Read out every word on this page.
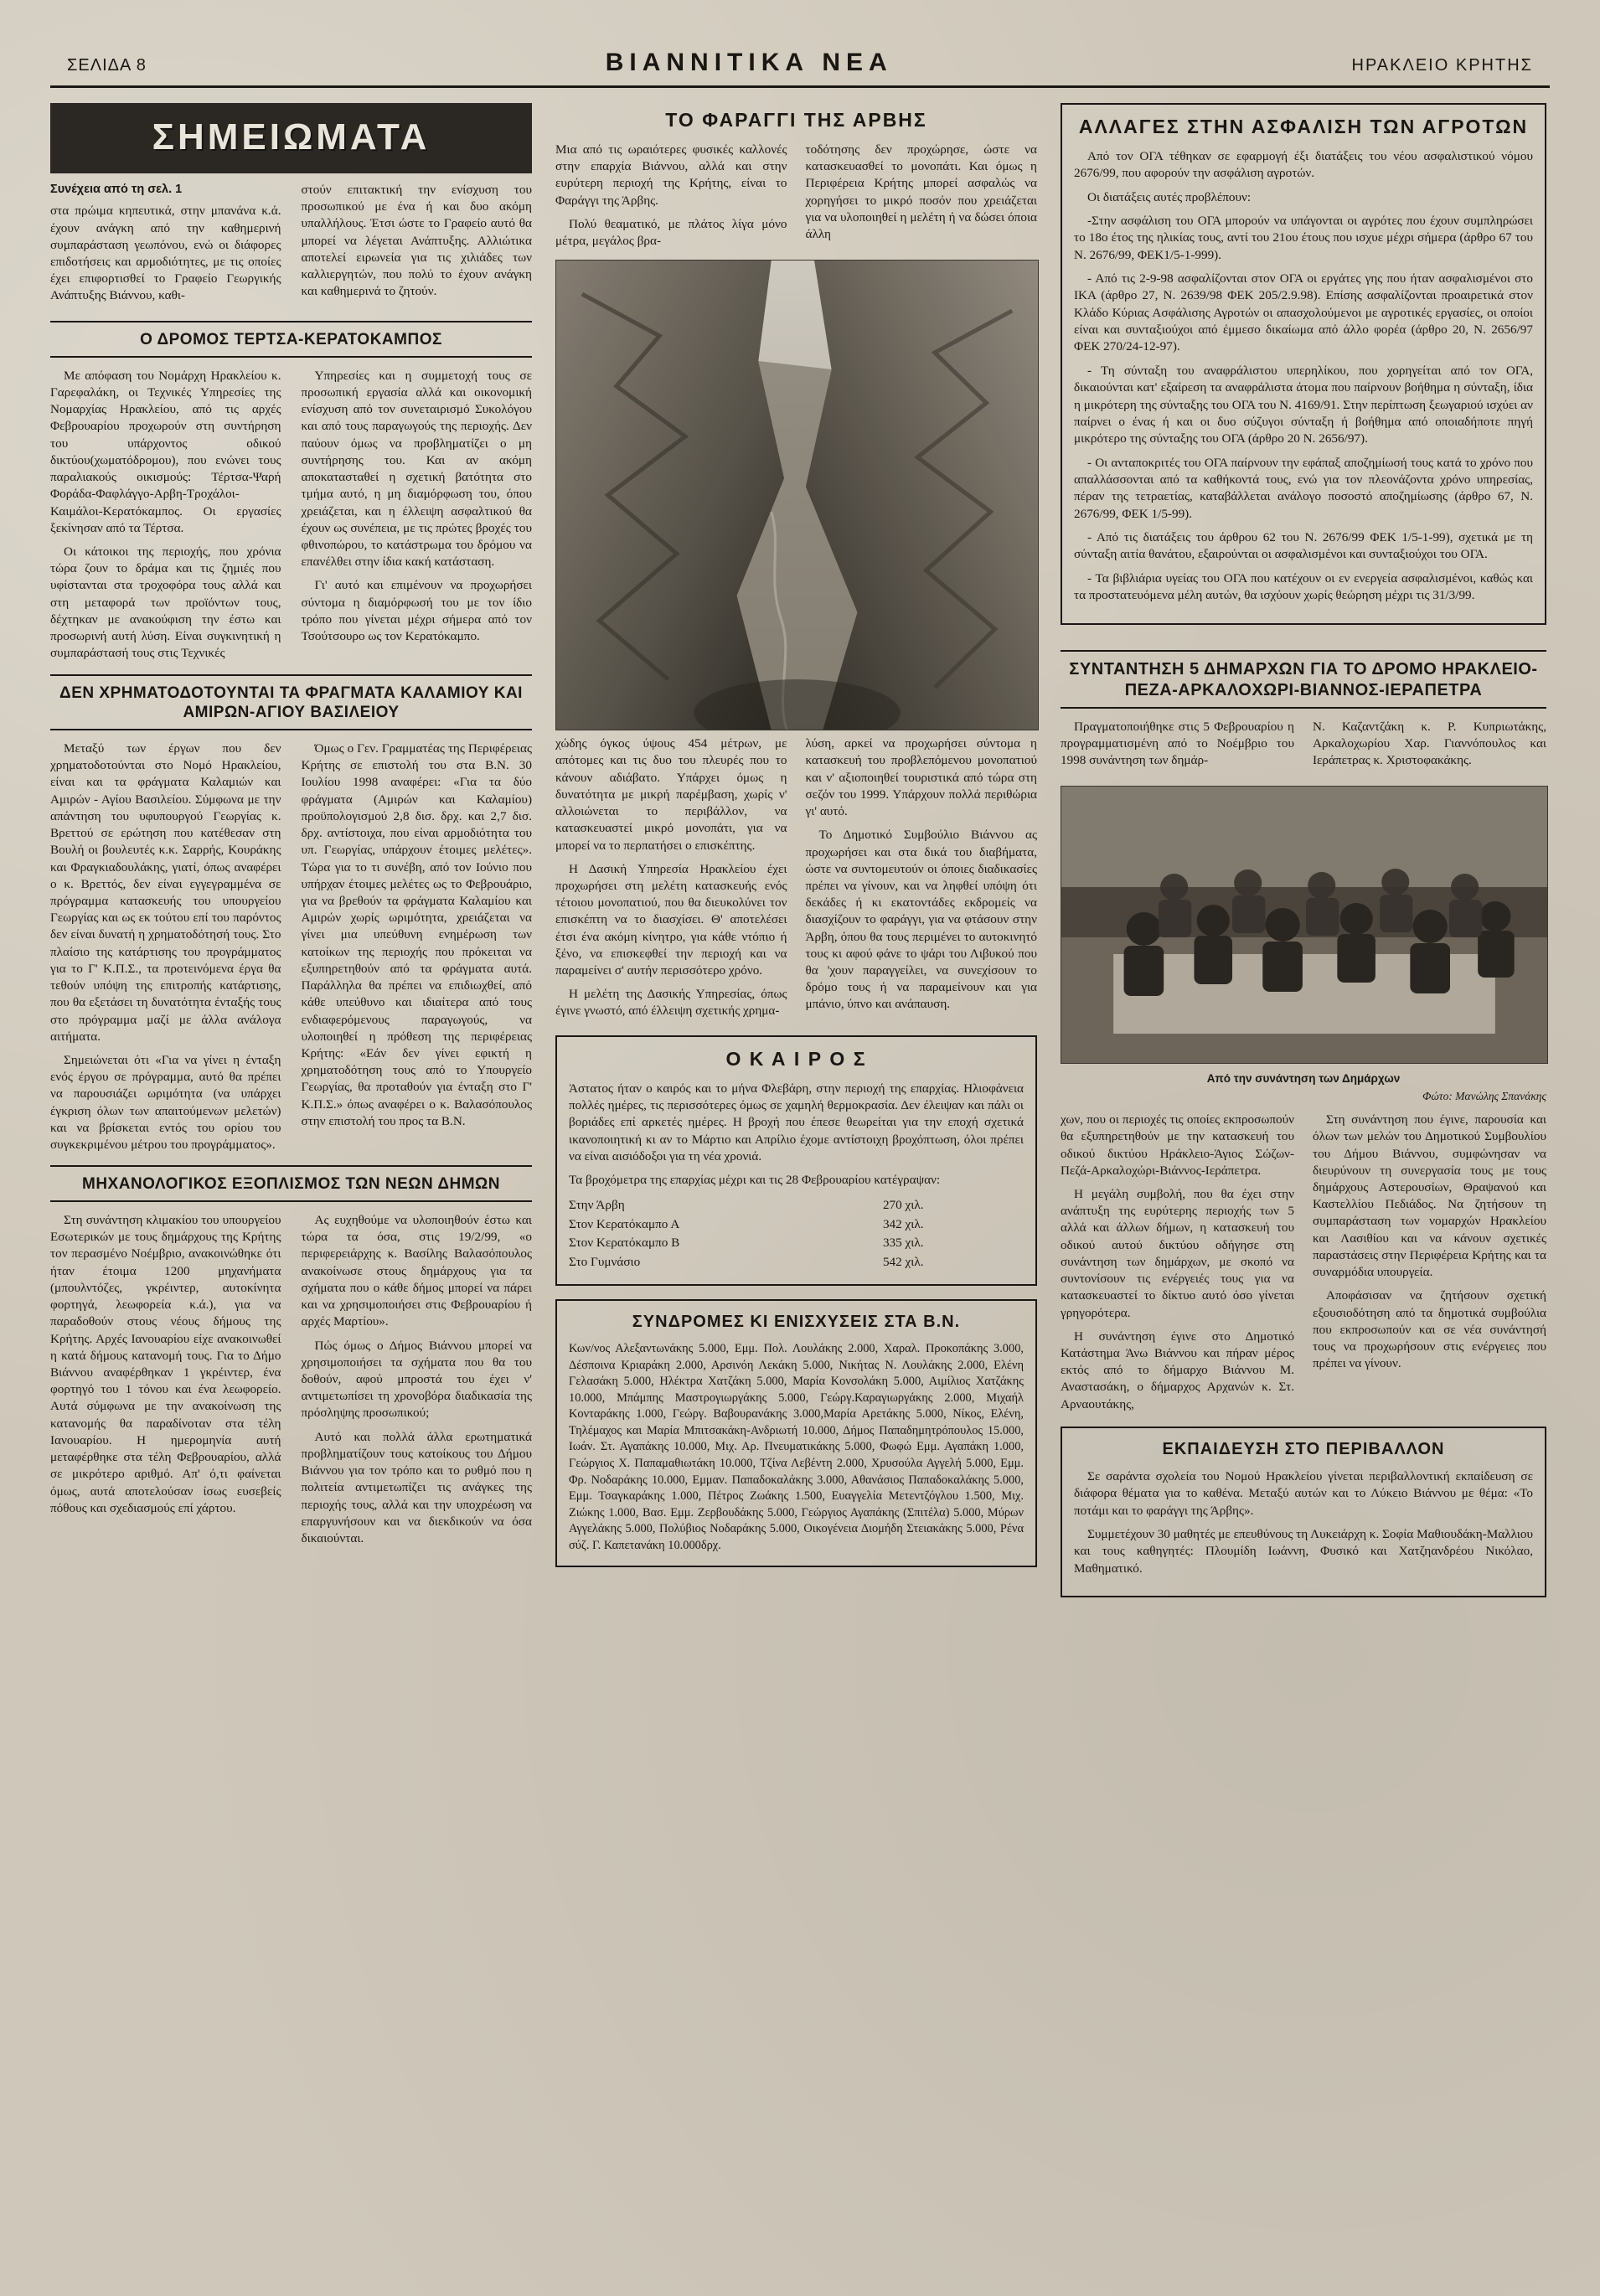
ΣΕΛΙΔΑ 8	ΒΙΑΝΝΙΤΙΚΑ ΝΕΑ	ΗΡΑΚΛΕΙΟ ΚΡΗΤΗΣ
ΣΗΜΕΙΩΜΑΤΑ
Συνέχεια από τη σελ. 1

στα πρώιμα κηπευτικά, στην μπανάνα κ.ά. έχουν ανάγκη από την καθημερινή συμπαράσταση γεωπόνου, ενώ οι διάφορες επιδοτήσεις και αρμοδιότητες, με τις οποίες έχει επιφορτισθεί το Γραφείο Γεωργικής Ανάπτυξης Βιάννου, καθι-

στούν επιτακτική την ενίσχυση του προσωπικού με ένα ή και δυο ακόμη υπαλλήλους. Έτσι ώστε το Γραφείο αυτό θα μπορεί να λέγεται Ανάπτυξης. Αλλιώτικα αποτελεί ειρωνεία για τις χιλιάδες των καλλιεργητών, που πολύ το έχουν ανάγκη και καθημερινά το ζητούν.

Ο ΔΡΟΜΟΣ ΤΕΡΤΣΑ-ΚΕΡΑΤΟΚΑΜΠΟΣ

Με απόφαση του Νομάρχη Ηρακλείου κ. Γαρεφαλάκη, οι Τεχνικές Υπηρεσίες της Νομαρχίας Ηρακλείου, από τις αρχές Φεβρουαρίου προχωρούν στη συντήρηση του υπάρχοντος οδικού δικτύου(χωματόδρομου), που ενώνει τους παραλιακούς οικισμούς: Τέρτσα-Ψαρή Φοράδα-Φαφλάγγο-Αρβη-Τροχάλοι-Καιμάλοι-Κερατόκαμπος. Οι εργασίες ξεκίνησαν από τα Τέρτσα.

Οι κάτοικοι της περιοχής, που χρόνια τώρα ζουν το δράμα και τις ζημιές που υφίστανται στα τροχοφόρα τους αλλά και στη μεταφορά των προϊόντων τους, δέχτηκαν με ανακούφιση την έστω και προσωρινή αυτή λύση. Είναι συγκινητική η συμπαράστασή τους στις Τεχνικές

Υπηρεσίες και η συμμετοχή τους σε προσωπική εργασία αλλά και οικονομική ενίσχυση από τον συνεταιρισμό Συκολόγου και από τους παραγωγούς της περιοχής. Δεν παύουν όμως να προβληματίζει ο μη συντήρησης του. Και αν ακόμη αποκατασταθεί η σχετική βατότητα στο τμήμα αυτό, η μη διαμόρφωση του, όπου χρειάζεται, και η έλλειψη ασφαλτικού θα έχουν ως συνέπεια, με τις πρώτες βροχές του φθινοπώρου, το κατάστρωμα του δρόμου να επανέλθει στην ίδια κακή κατάσταση.

Γι' αυτό και επιμένουν να προχωρήσει σύντομα η διαμόρφωσή του με τον ίδιο τρόπο που γίνεται μέχρι σήμερα από τον Τσούτσουρο ως τον Κερατόκαμπο.

ΔΕΝ ΧΡΗΜΑΤΟΔΟΤΟΥΝΤΑΙ ΤΑ ΦΡΑΓΜΑΤΑ ΚΑΛΑΜΙΟΥ ΚΑΙ ΑΜΙΡΩΝ-ΑΓΙΟΥ ΒΑΣΙΛΕΙΟΥ

Μεταξύ των έργων που δεν χρηματοδοτούνται στο Νομό Ηρακλείου, είναι και τα φράγματα Καλαμιών και Αμιρών - Αγίου Βασιλείου. Σύμφωνα με την απάντηση του υφυπουργού Γεωργίας κ. Βρεττού σε ερώτηση που κατέθεσαν στη Βουλή οι βουλευτές κ.κ. Σαρρής, Κουράκης και Φραγκιαδουλάκης, γιατί, όπως αναφέρει ο κ. Βρεττός, δεν είναι εγγεγραμμένα σε πρόγραμμα κατασκευής του υπουργείου Γεωργίας και ως εκ τούτου επί του παρόντος δεν είναι δυνατή η χρηματοδότησή τους. Στο πλαίσιο της κατάρτισης του προγράμματος για το Γ' Κ.Π.Σ., τα προτεινόμενα έργα θα τεθούν υπόψη της επιτροπής κατάρτισης, που θα εξετάσει τη δυνατότητα ένταξής τους στο πρόγραμμα μαζί με άλλα ανάλογα αιτήματα.

Σημειώνεται ότι «Για να γίνει η ένταξη ενός έργου σε πρόγραμμα, αυτό θα πρέπει να παρουσιάζει ωριμότητα (να υπάρχει έγκριση όλων των απαιτούμενων μελετών) και να βρίσκεται εντός του ορίου του συγκεκριμένου μέτρου του προγράμματος».

Όμως ο Γεν. Γραμματέας της Περιφέρειας Κρήτης σε επιστολή του στα Β.Ν. 30 Ιουλίου 1998 αναφέρει: «Για τα δύο φράγματα (Αμιρών και Καλαμίου) προϋπολογισμού 2,8 δισ. δρχ. και 2,7 δισ. δρχ. αντίστοιχα, που είναι αρμοδιότητα του υπ. Γεωργίας, υπάρχουν έτοιμες μελέτες». Τώρα για το τι συνέβη, από τον Ιούνιο που υπήρχαν έτοιμες μελέτες ως το Φεβρουάριο, για να βρεθούν τα φράγματα Καλαμίου και Αμιρών χωρίς ωριμότητα, χρειάζεται να γίνει μια υπεύθυνη ενημέρωση των κατοίκων της περιοχής που πρόκειται να εξυπηρετηθούν από τα φράγματα αυτά. Παράλληλα θα πρέπει να επιδιωχθεί, από κάθε υπεύθυνο και ιδιαίτερα από τους ενδιαφερόμενους παραγωγούς, να υλοποιηθεί η πρόθεση της περιφέρειας Κρήτης: «Εάν δεν γίνει εφικτή η χρηματοδότηση τους από το Υπουργείο Γεωργίας, θα προταθούν για ένταξη στο Γ' Κ.Π.Σ.» όπως αναφέρει ο κ. Βαλασόπουλος στην επιστολή του προς τα Β.Ν.

ΜΗΧΑΝΟΛΟΓΙΚΟΣ ΕΞΟΠΛΙΣΜΟΣ ΤΩΝ ΝΕΩΝ ΔΗΜΩΝ

Στη συνάντηση κλιμακίου του υπουργείου Εσωτερικών με τους δημάρχους της Κρήτης τον περασμένο Νοέμβριο, ανακοινώθηκε ότι ήταν έτοιμα 1200 μηχανήματα (μπουλντόζες, γκρέιντερ, αυτοκίνητα φορτηγά, λεωφορεία κ.ά.), για να παραδοθούν στους νέους δήμους της Κρήτης. Αρχές Ιανουαρίου είχε ανακοινωθεί η κατά δήμους κατανομή τους. Για το Δήμο Βιάννου αναφέρθηκαν 1 γκρέιντερ, ένα φορτηγό του 1 τόνου και ένα λεωφορείο. Αυτά σύμφωνα με την ανακοίνωση της κατανομής θα παραδίνοταν στα τέλη Ιανουαρίου. Η ημερομηνία αυτή μεταφέρθηκε στα τέλη Φεβρουαρίου, αλλά σε μικρότερο αριθμό. Απ' ό,τι φαίνεται όμως, αυτά αποτελούσαν ίσως ευσεβείς πόθους και σχεδιασμούς επί χάρτου.

Ας ευχηθούμε να υλοποιηθούν έστω και τώρα τα όσα, στις 19/2/99, «ο περιφερειάρχης κ. Βασίλης Βαλασόπουλος ανακοίνωσε στους δημάρχους για τα σχήματα που ο κάθε δήμος μπορεί να πάρει και να χρησιμοποιήσει στις Φεβρουαρίου ή αρχές Μαρτίου».

Πώς όμως ο Δήμος Βιάννου μπορεί να χρησιμοποιήσει τα σχήματα που θα του δοθούν, αφού μπροστά του έχει ν' αντιμετωπίσει τη χρονοβόρα διαδικασία της πρόσληψης προσωπικού;

Αυτό και πολλά άλλα ερωτηματικά προβληματίζουν τους κατοίκους του Δήμου Βιάννου για τον τρόπο και το ρυθμό που η πολιτεία αντιμετωπίζει τις ανάγκες της περιοχής τους, αλλά και την υποχρέωση να επαργυνήσουν και να διεκδικούν να όσα δικαιούνται.

ΤΟ ΦΑΡΑΓΓΙ ΤΗΣ ΑΡΒΗΣ

Μια από τις ωραιότερες φυσικές καλλονές στην επαρχία Βιάννου, αλλά και στην ευρύτερη περιοχή της Κρήτης, είναι το Φαράγγι της Άρβης.

Πολύ θεαματικό, με πλάτος λίγα μόνο μέτρα, μεγάλος βρα-

τοδότησης δεν προχώρησε, ώστε να κατασκευασθεί το μονοπάτι. Και όμως η Περιφέρεια Κρήτης μπορεί ασφαλώς να χορηγήσει το μικρό ποσόν που χρειάζεται για να υλοποιηθεί η μελέτη ή να δώσει όποια άλλη

χώδης όγκος ύψους 454 μέτρων, με απότομες και τις δυο του πλευρές που το κάνουν αδιάβατο. Υπάρχει όμως η δυνατότητα με μικρή παρέμβαση, χωρίς ν' αλλοιώνεται το περιβάλλον, να κατασκευαστεί μικρό μονοπάτι, για να μπορεί να το περπατήσει ο επισκέπτης.

Η Δασική Υπηρεσία Ηρακλείου έχει προχωρήσει στη μελέτη κατασκευής ενός τέτοιου μονοπατιού, που θα διευκολύνει τον επισκέπτη να το διασχίσει. Θ' αποτελέσει έτσι ένα ακόμη κίνητρο, για κάθε ντόπιο ή ξένο, να επισκεφθεί την περιοχή και να παραμείνει σ' αυτήν περισσότερο χρόνο.

Η μελέτη της Δασικής Υπηρεσίας, όπως έγινε γνωστό, από έλλειψη σχετικής χρημα-

λύση, αρκεί να προχωρήσει σύντομα η κατασκευή του προβλεπόμενου μονοπατιού και ν' αξιοποιηθεί τουριστικά από τώρα στη σεζόν του 1999. Υπάρχουν πολλά περιθώρια γι' αυτό.

Το Δημοτικό Συμβούλιο Βιάννου ας προχωρήσει και στα δικά του διαβήματα, ώστε να συντομευτούν οι όποιες διαδικασίες πρέπει να γίνουν, και να ληφθεί υπόψη ότι δεκάδες ή κι εκατοντάδες εκδρομείς να διασχίζουν το φαράγγι, για να φτάσουν στην Άρβη, όπου θα τους περιμένει το αυτοκινητό τους κι αφού φάνε το ψάρι του Λιβυκού που θα 'χουν παραγγείλει, να συνεχίσουν το δρόμο τους ή να παραμείνουν και για μπάνιο, ύπνο και ανάπαυση.

Ο Κ Α Ι Ρ Ο Σ

Άστατος ήταν ο καιρός και το μήνα Φλεβάρη, στην περιοχή της επαρχίας. Ηλιοφάνεια πολλές ημέρες, τις περισσότερες όμως σε χαμηλή θερμοκρασία. Δεν έλειψαν και πάλι οι βοριάδες επί αρκετές ημέρες. Η βροχή που έπεσε θεωρείται για την εποχή σχετικά ικανοποιητική κι αν το Μάρτιο και Απρίλιο έχομε αντίστοιχη βροχόπτωση, όλοι πρέπει να είναι αισιόδοξοι για τη νέα χρονιά.

Τα βροχόμετρα της επαρχίας μέχρι και τις 28 Φεβρουαρίου κατέγραψαν:

Στην Άρβη	270 χιλ.
Στον Κερατόκαμπο Α	342 χιλ.
Στον Κερατόκαμπο Β	335 χιλ.
Στο Γυμνάσιο	542 χιλ.
ΣΥΝΔΡΟΜΕΣ ΚΙ ΕΝΙΣΧΥΣΕΙΣ ΣΤΑ Β.Ν.
Κων/νος Αλεξαντωνάκης 5.000, Εμμ. Πολ. Λουλάκης 2.000, Χαραλ. Προκοπάκης 3.000, Δέσποινα Κριαράκη 2.000, Αρσινόη Λεκάκη 5.000, Νικήτας Ν. Λουλάκης 2.000, Ελένη Γελασάκη 5.000, Ηλέκτρα Χατζάκη 5.000, Μαρία Κονσολάκη 5.000, Αιμίλιος Χατζάκης 10.000, Μπάμπης Μαστρογιωργάκης 5.000, Γεώργ.Καραγιωργάκης 2.000, Μιχαήλ Κονταράκης 1.000, Γεώργ. Βαβουρανάκης 3.000,Μαρία Αρετάκης 5.000, Νίκος, Ελένη, Τηλέμαχος και Μαρία Μπιτσακάκη-Ανδριωτή 10.000, Δήμος Παπαδημητρόπουλος 15.000, Ιωάν. Στ. Αγαπάκης 10.000, Μιχ. Αρ. Πνευματικάκης 5.000, Φωφώ Εμμ. Αγαπάκη 1.000, Γεώργιος Χ. Παπαμαθιωτάκη 10.000, Τζίνα Λεβέντη 2.000, Χρυσούλα Αγγελή 5.000, Εμμ. Φρ. Νοδαράκης 10.000, Εμμαν. Παπαδοκαλάκης 3.000, Αθανάσιος Παπαδοκαλάκης 5.000, Εμμ. Τσαγκαράκης 1.000, Πέτρος Ζωάκης 1.500, Ευαγγελία Μετεντζόγλου 1.500, Μιχ. Ζιώκης 1.000, Βασ. Εμμ. Ζερβουδάκης 5.000, Γεώργιος Αγαπάκης (Σπιτέλα) 5.000, Μύρων Αγγελάκης 5.000, Πολύβιος Νοδαράκης 5.000, Οικογένεια Διομήδη Στειακάκης 5.000, Ρένα σύζ. Γ. Καπετανάκη 10.000δρχ.
ΑΛΛΑΓΕΣ ΣΤΗΝ ΑΣΦΑΛΙΣΗ ΤΩΝ ΑΓΡΟΤΩΝ

Από τον ΟΓΑ τέθηκαν σε εφαρμογή έξι διατάξεις του νέου ασφαλιστικού νόμου 2676/99, που αφορούν την ασφάλιση αγροτών.

Οι διατάξεις αυτές προβλέπουν:

-Στην ασφάλιση του ΟΓΑ μπορούν να υπάγονται οι αγρότες που έχουν συμπληρώσει το 18ο έτος της ηλικίας τους, αντί του 21ου έτους που ισχυε μέχρι σήμερα (άρθρο 67 του Ν. 2676/99, ΦΕΚ1/5-1-999).

- Από τις 2-9-98 ασφαλίζονται στον ΟΓΑ οι εργάτες γης που ήταν ασφαλισμένοι στο ΙΚΑ (άρθρο 27, Ν. 2639/98 ΦΕΚ 205/2.9.98). Επίσης ασφαλίζονται προαιρετικά στον Κλάδο Κύριας Ασφάλισης Αγροτών οι απασχολούμενοι με αγροτικές εργασίες, οι οποίοι είναι και συνταξιούχοι από έμμεσο δικαίωμα από άλλο φορέα (άρθρο 20, Ν. 2656/97 ΦΕΚ 270/24-12-97).

- Τη σύνταξη του αναφράλιστου υπερηλίκου, που χορηγείται από τον ΟΓΑ, δικαιούνται κατ' εξαίρεση τα αναφράλιστα άτομα που παίρνουν βοήθημα η σύνταξη, ίδια η μικρότερη της σύνταξης του ΟΓΑ του Ν. 4169/91. Στην περίπτωση ξεωγαριού ισχύει αν παίρνει ο ένας ή και οι δυο σύζυγοι σύνταξη ή βοήθημα από οποιαδήποτε πηγή μικρότερο της σύνταξης του ΟΓΑ (άρθρο 20 Ν. 2656/97).

- Οι ανταποκριτές του ΟΓΑ παίρνουν την εφάπαξ αποζημίωσή τους κατά το χρόνο που απαλλάσσονται από τα καθήκοντά τους, ενώ για τον πλεονάζοντα χρόνο υπηρεσίας, πέραν της τετραετίας, καταβάλλεται ανάλογο ποσοστό αποζημίωσης (άρθρο 67, Ν. 2676/99, ΦΕΚ 1/5-99).

- Από τις διατάξεις του άρθρου 62 του Ν. 2676/99 ΦΕΚ 1/5-1-99), σχετικά με τη σύνταξη αιτία θανάτου, εξαιρούνται οι ασφαλισμένοι και συνταξιούχοι του ΟΓΑ.

- Τα βιβλιάρια υγείας του ΟΓΑ που κατέχουν οι εν ενεργεία ασφαλισμένοι, καθώς και τα προστατευόμενα μέλη αυτών, θα ισχύουν χωρίς θεώρηση μέχρι τις 31/3/99.

ΣΥΝΤΑΝΤΗΣΗ 5 ΔΗΜΑΡΧΩΝ ΓΙΑ ΤΟ ΔΡΟΜΟ ΗΡΑΚΛΕΙΟ-ΠΕΖΑ-ΑΡΚΑΛΟΧΩΡΙ-ΒΙΑΝΝΟΣ-ΙΕΡΑΠΕΤΡΑ

Πραγματοποιήθηκε στις 5 Φεβρουαρίου η προγραμματισμένη από το Νοέμβριο του 1998 συνάντηση των δημάρ-

Ν. Καζαντζάκη κ. Ρ. Κυπριωτάκης, Αρκαλοχωρίου Χαρ. Γιαννόπουλος και Ιεράπετρας κ. Χριστοφακάκης.

Από την συνάντηση των Δημάρχων
Φώτο: Μανώλης Σπανάκης

χων, που οι περιοχές τις οποίες εκπροσωπούν θα εξυπηρετηθούν με την κατασκευή του οδικού δικτύου Ηράκλειο-Άγιος Σώζων-Πεζά-Αρκαλοχώρι-Βιάννος-Ιεράπετρα.

Η μεγάλη συμβολή, που θα έχει στην ανάπτυξη της ευρύτερης περιοχής των 5 αλλά και άλλων δήμων, η κατασκευή του οδικού αυτού δικτύου οδήγησε στη συνάντηση των δημάρχων, με σκοπό να συντονίσουν τις ενέργειές τους για να κατασκευαστεί το δίκτυο αυτό όσο γίνεται γρηγορότερα.

Η συνάντηση έγινε στο Δημοτικό Κατάστημα Άνω Βιάννου και πήραν μέρος εκτός από το δήμαρχο Βιάννου Μ. Αναστασάκη, ο δήμαρχος Αρχανών κ. Στ. Αρναουτάκης,

Στη συνάντηση που έγινε, παρουσία και όλων των μελών του Δημοτικού Συμβουλίου του Δήμου Βιάννου, συμφώνησαν να διευρύνουν τη συνεργασία τους με τους δημάρχους Αστερουσίων, Θραψανού και Καστελλίου Πεδιάδος. Να ζητήσουν τη συμπαράσταση των νομαρχών Ηρακλείου και Λασιθίου και να κάνουν σχετικές παραστάσεις στην Περιφέρεια Κρήτης και τα συναρμόδια υπουργεία.

Αποφάσισαν να ζητήσουν σχετική εξουσιοδότηση από τα δημοτικά συμβούλια που εκπροσωπούν και σε νέα συνάντησή τους να προχωρήσουν στις ενέργειες που πρέπει να γίνουν.

ΕΚΠΑΙΔΕΥΣΗ ΣΤΟ ΠΕΡΙΒΑΛΛΟΝ

Σε σαράντα σχολεία του Νομού Ηρακλείου γίνεται περιβαλλοντική εκπαίδευση σε διάφορα θέματα για το καθένα. Μεταξύ αυτών και το Λύκειο Βιάννου με θέμα: «Το ποτάμι και το φαράγγι της Άρβης».

Συμμετέχουν 30 μαθητές με επευθύνους τη Λυκειάρχη κ. Σοφία Μαθιουδάκη-Μαλλιου και τους καθηγητές: Πλουμίδη Ιωάννη, Φυσικό και Χατζηανδρέου Νικόλαο, Μαθηματικό.
